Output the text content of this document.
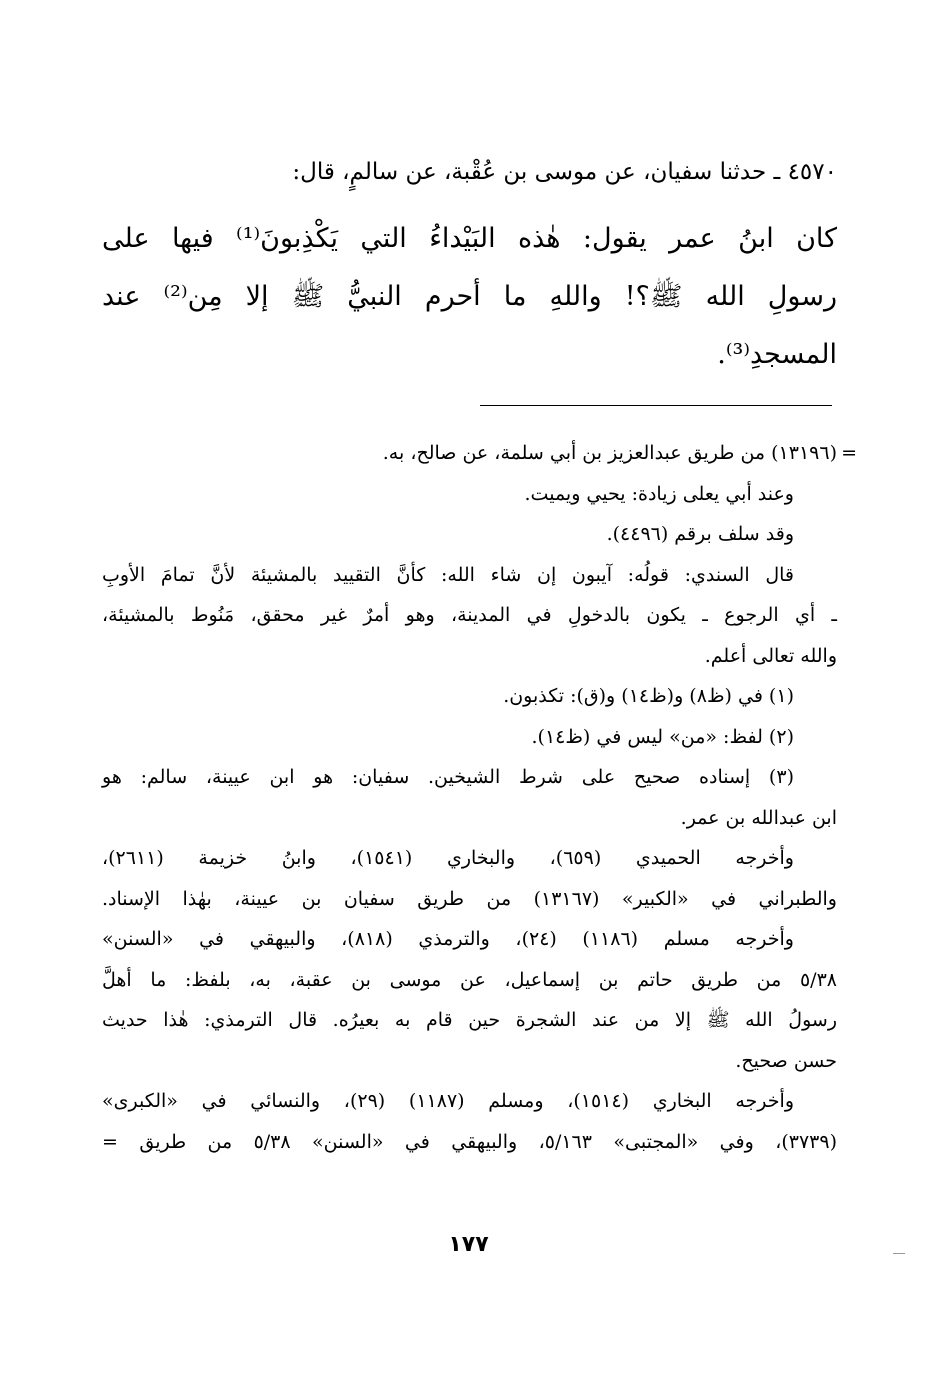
٤٥٧٠ ـ حدثنا سفيان، عن موسى بن عُقْبة، عن سالمٍ، قال:
كان ابنُ عمر يقول: هٰذه البَيْداءُ التي يَكْذِبونَ⁽¹⁾ فيها على
رسولِ الله ﷺ؟! واللهِ ما أحرم النبيُّ ﷺ إلا مِن⁽²⁾ عند
المسجدِ⁽³⁾.
=
(١٣١٩٦) من طريق عبدالعزيز بن أبي سلمة، عن صالح، به.
وعند أبي يعلى زيادة: يحيي ويميت.
وقد سلف برقم (٤٤٩٦).
قال السندي: قولُه: آيبون إن شاء الله: كأنَّ التقييد بالمشيئة لأنَّ تمامَ الأوبِ
ـ أي الرجوع ـ يكون بالدخولِ في المدينة، وهو أمرٌ غير محقق، مَنُوط بالمشيئة،
والله تعالى أعلم.
(١) في (ظ٨) و(ظ١٤) و(ق): تكذبون.
(٢) لفظ: «من» ليس في (ظ١٤).
(٣) إسناده صحيح على شرط الشيخين. سفيان: هو ابن عيينة، سالم: هو
ابن عبدالله بن عمر.
وأخرجه الحميدي (٦٥٩)، والبخاري (١٥٤١)، وابنُ خزيمة (٢٦١١)،
والطبراني في «الكبير» (١٣١٦٧) من طريق سفيان بن عيينة، بهٰذا الإسناد.
وأخرجه مسلم (١١٨٦) (٢٤)، والترمذي (٨١٨)، والبيهقي في «السنن»
٥/٣٨ من طريق حاتم بن إسماعيل، عن موسى بن عقبة، به، بلفظ: ما أهلَّ
رسولُ الله ﷺ إلا من عند الشجرة حين قام به بعيرُه. قال الترمذي: هٰذا حديث
حسن صحيح.
وأخرجه البخاري (١٥١٤)، ومسلم (١١٨٧) (٢٩)، والنسائي في «الكبرى»
(٣٧٣٩)، وفي «المجتبى» ٥/١٦٣، والبيهقي في «السنن» ٥/٣٨ من طريق =
١٧٧
